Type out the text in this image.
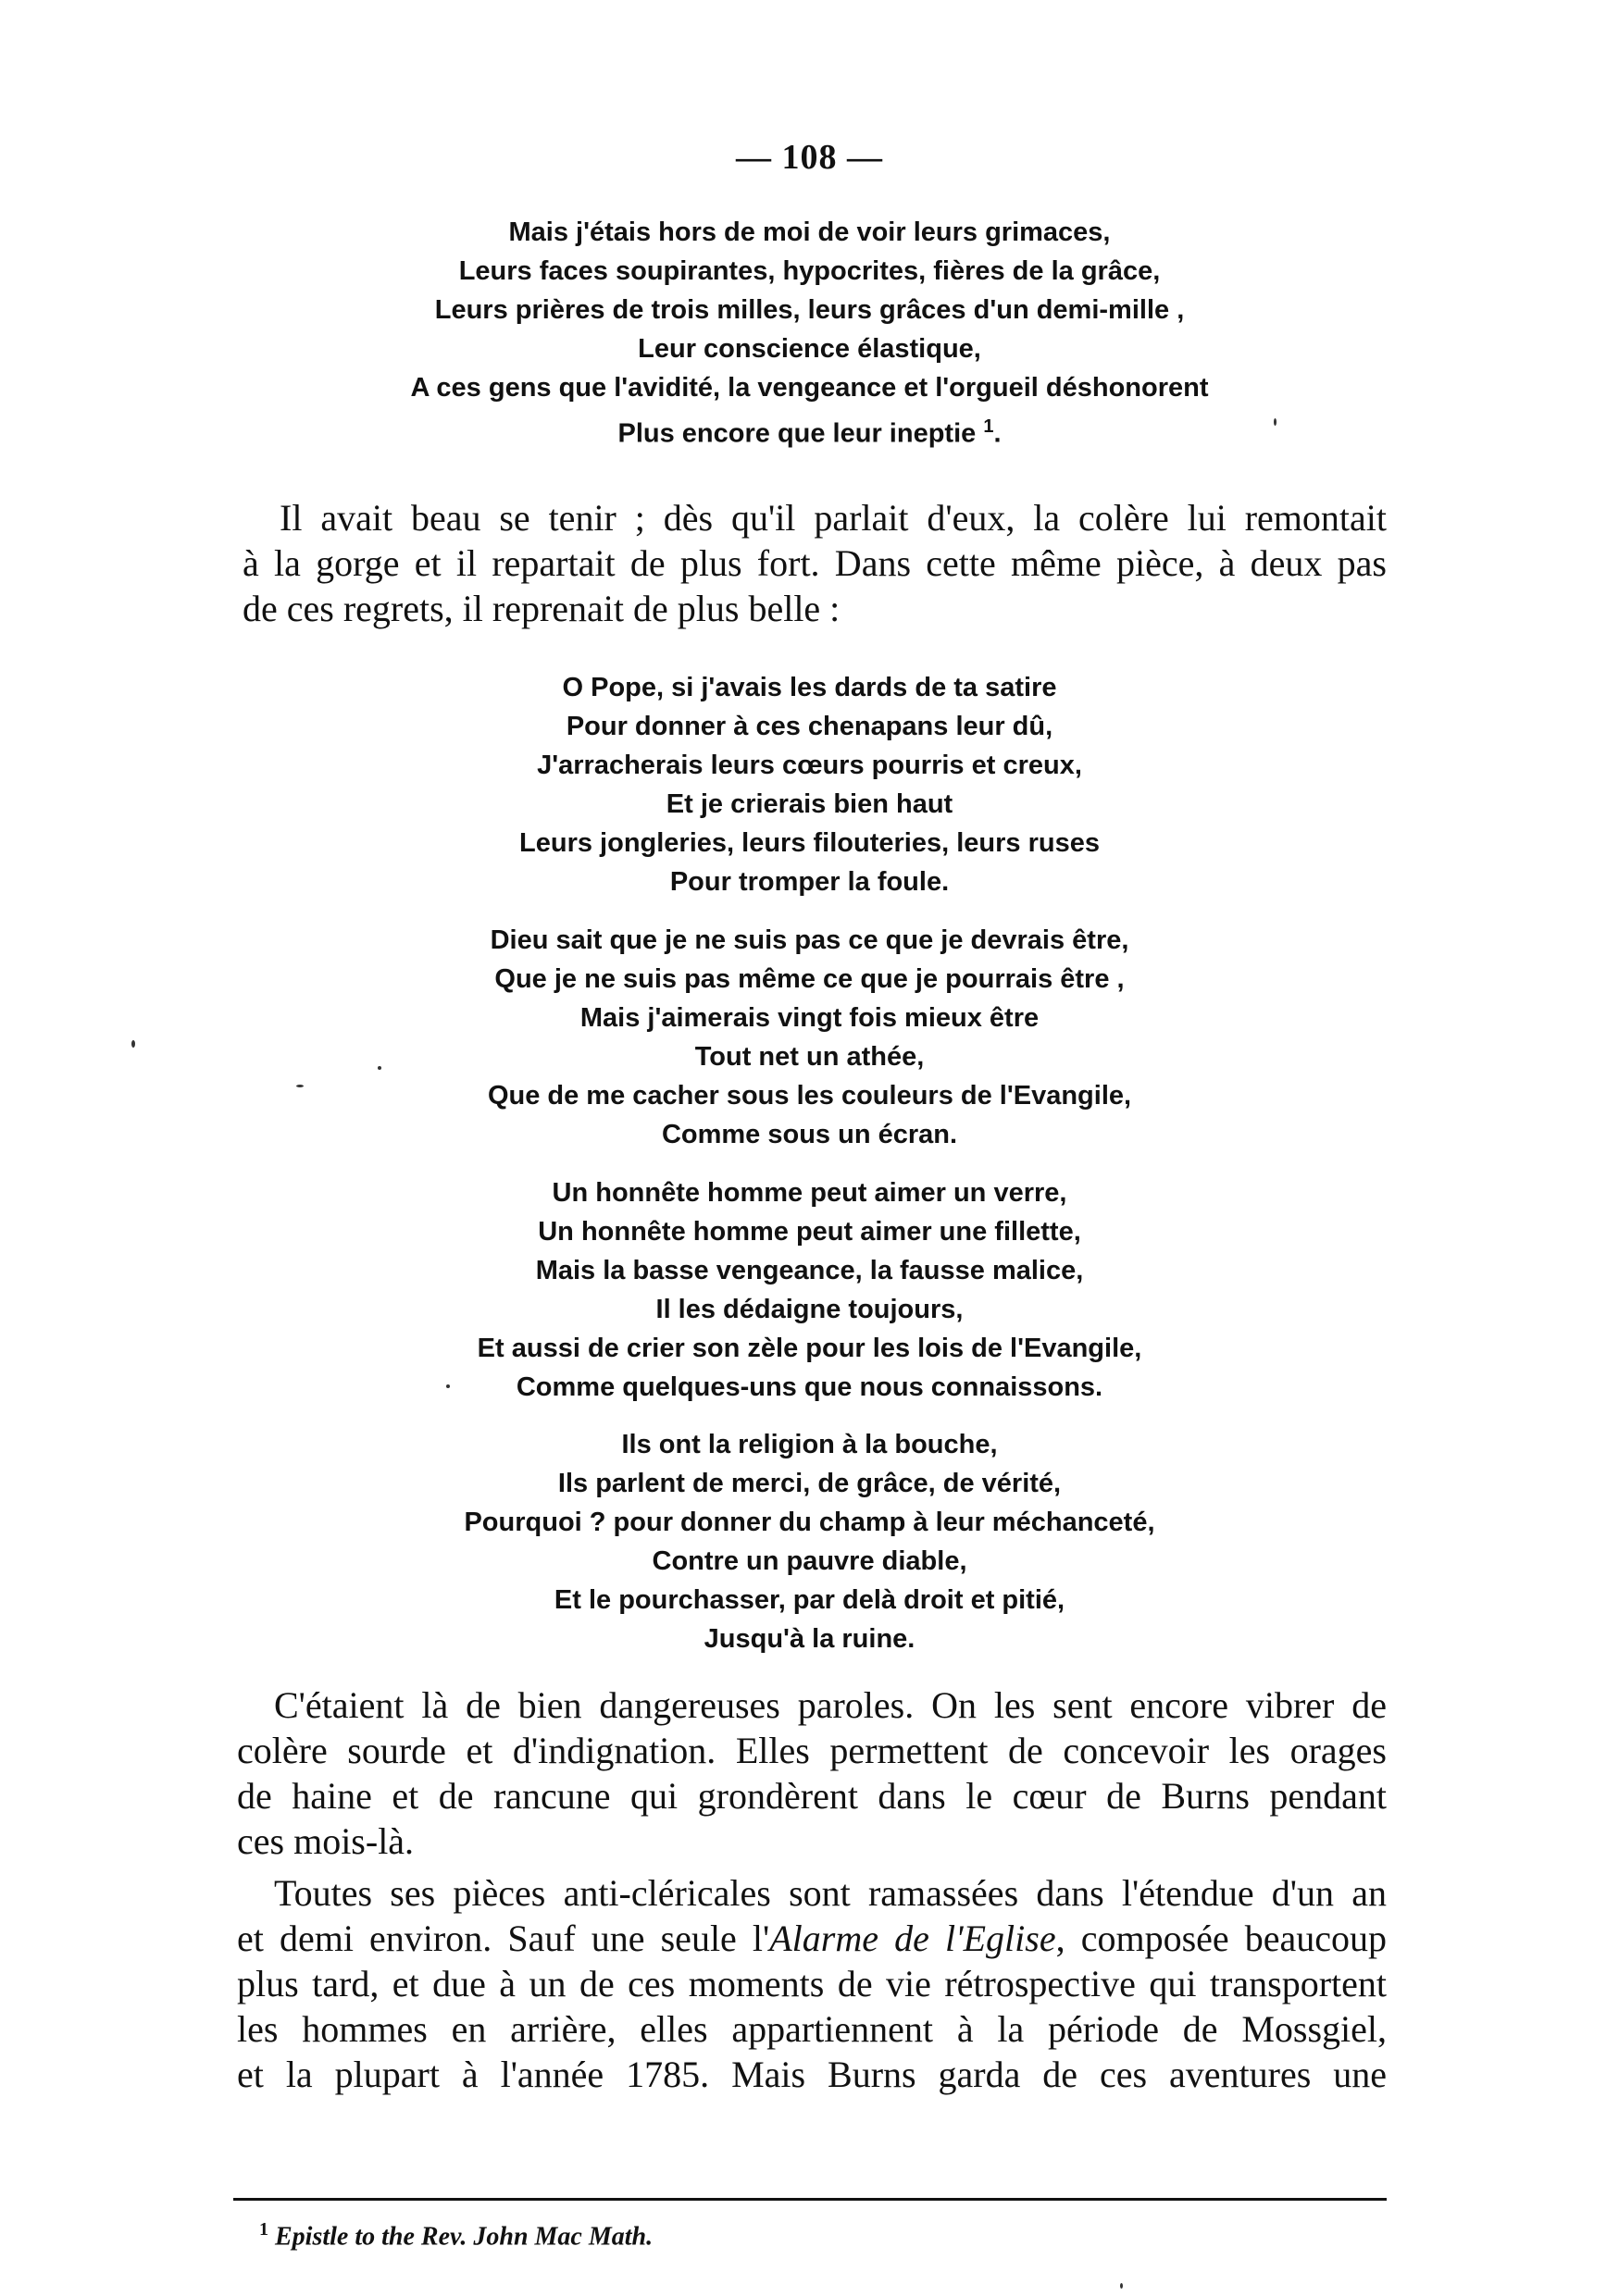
— 108 —
Mais j'étais hors de moi de voir leurs grimaces,
Leurs faces soupirantes, hypocrites, fières de la grâce,
Leurs prières de trois milles, leurs grâces d'un demi-mille ,
Leur conscience élastique,
A ces gens que l'avidité, la vengeance et l'orgueil déshonorent
Plus encore que leur ineptie $^1$.

Il avait beau se tenir ; dès qu'il parlait d'eux, la colère lui remontait

à la gorge et il repartait de plus fort. Dans cette même pièce, à deux pas

de ces regrets, il reprenait de plus belle :

O Pope, si j'avais les dards de ta satire
Pour donner à ces chenapans leur dû,
J'arracherais leurs cœurs pourris et creux,
Et je crierais bien haut
Leurs jongleries, leurs filouteries, leurs ruses
Pour tromper la foule.
Dieu sait que je ne suis pas ce que je devrais être,
Que je ne suis pas même ce que je pourrais être ,
Mais j'aimerais vingt fois mieux être
Tout net un athée,
Que de me cacher sous les couleurs de l'Evangile,
Comme sous un écran.
Un honnête homme peut aimer un verre,
Un honnête homme peut aimer une fillette,
Mais la basse vengeance, la fausse malice,
Il les dédaigne toujours,
Et aussi de crier son zèle pour les lois de l'Evangile,
Comme quelques-uns que nous connaissons.
Ils ont la religion à la bouche,
Ils parlent de merci, de grâce, de vérité,
Pourquoi ? pour donner du champ à leur méchanceté,
Contre un pauvre diable,
Et le pourchasser, par delà droit et pitié,
Jusqu'à la ruine.

C'étaient là de bien dangereuses paroles. On les sent encore vibrer de

colère sourde et d'indignation. Elles permettent de concevoir les orages

de haine et de rancune qui grondèrent dans le cœur de Burns pendant

ces mois-là.

Toutes ses pièces anti-cléricales sont ramassées dans l'étendue d'un an

et demi environ. Sauf une seule l'Alarme de l'Eglise, composée beaucoup

plus tard, et due à un de ces moments de vie rétrospective qui transportent

les hommes en arrière, elles appartiennent à la période de Mossgiel,

et la plupart à l'année 1785. Mais Burns garda de ces aventures une

$^1$ Epistle to the Rev. John Mac Math.
